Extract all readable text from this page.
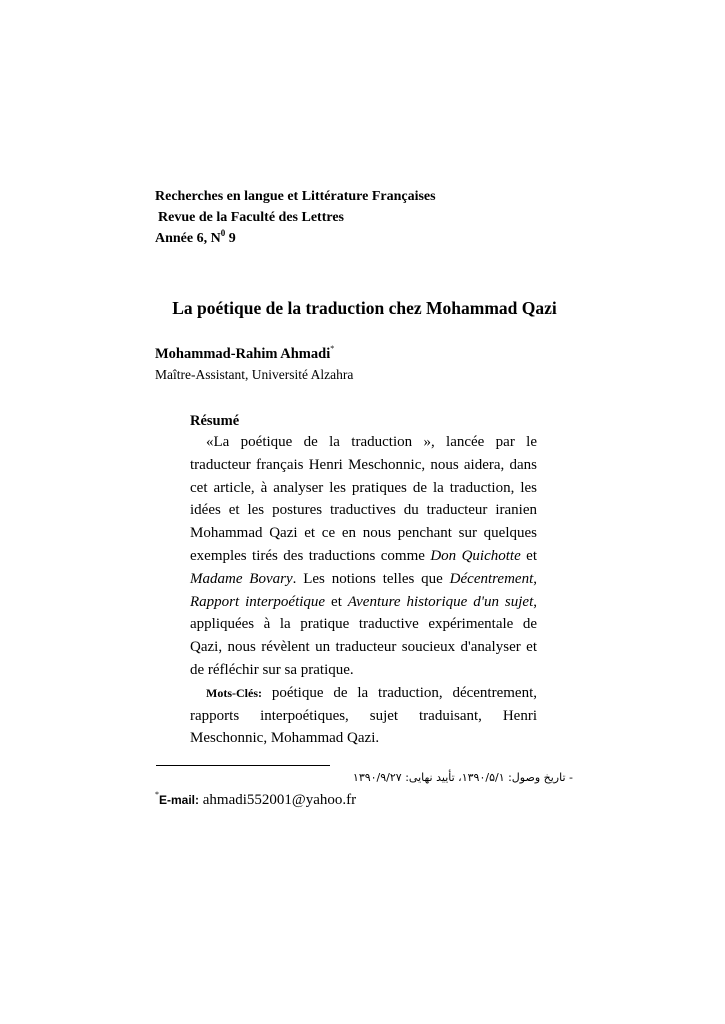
Recherches en langue et Littérature Françaises
Revue de la Faculté des Lettres
Année 6, $N^0$ 9
La poétique de la traduction chez Mohammad Qazi
Mohammad-Rahim Ahmadi*
Maître-Assistant, Université Alzahra
Résumé

«La poétique de la traduction », lancée par le traducteur français Henri Meschonnic, nous aidera, dans cet article, à analyser les pratiques de la traduction, les idées et les postures traductives du traducteur iranien Mohammad Qazi et ce en nous penchant sur quelques exemples tirés des traductions comme Don Quichotte et Madame Bovary. Les notions telles que Décentrement, Rapport interpoétique et Aventure historique d'un sujet, appliquées à la pratique traductive expérimentale de Qazi, nous révèlent un traducteur soucieux d'analyser et de réfléchir sur sa pratique.

Mots-Clés: poétique de la traduction, décentrement, rapports interpoétiques, sujet traduisant, Henri Meschonnic, Mohammad Qazi.

- تاریخ وصول: ۱۳۹۰/۵/۱، تأیید نهایی: ۱۳۹۰/۹/۲۷
*E-mail: ahmadi552001@yahoo.fr
